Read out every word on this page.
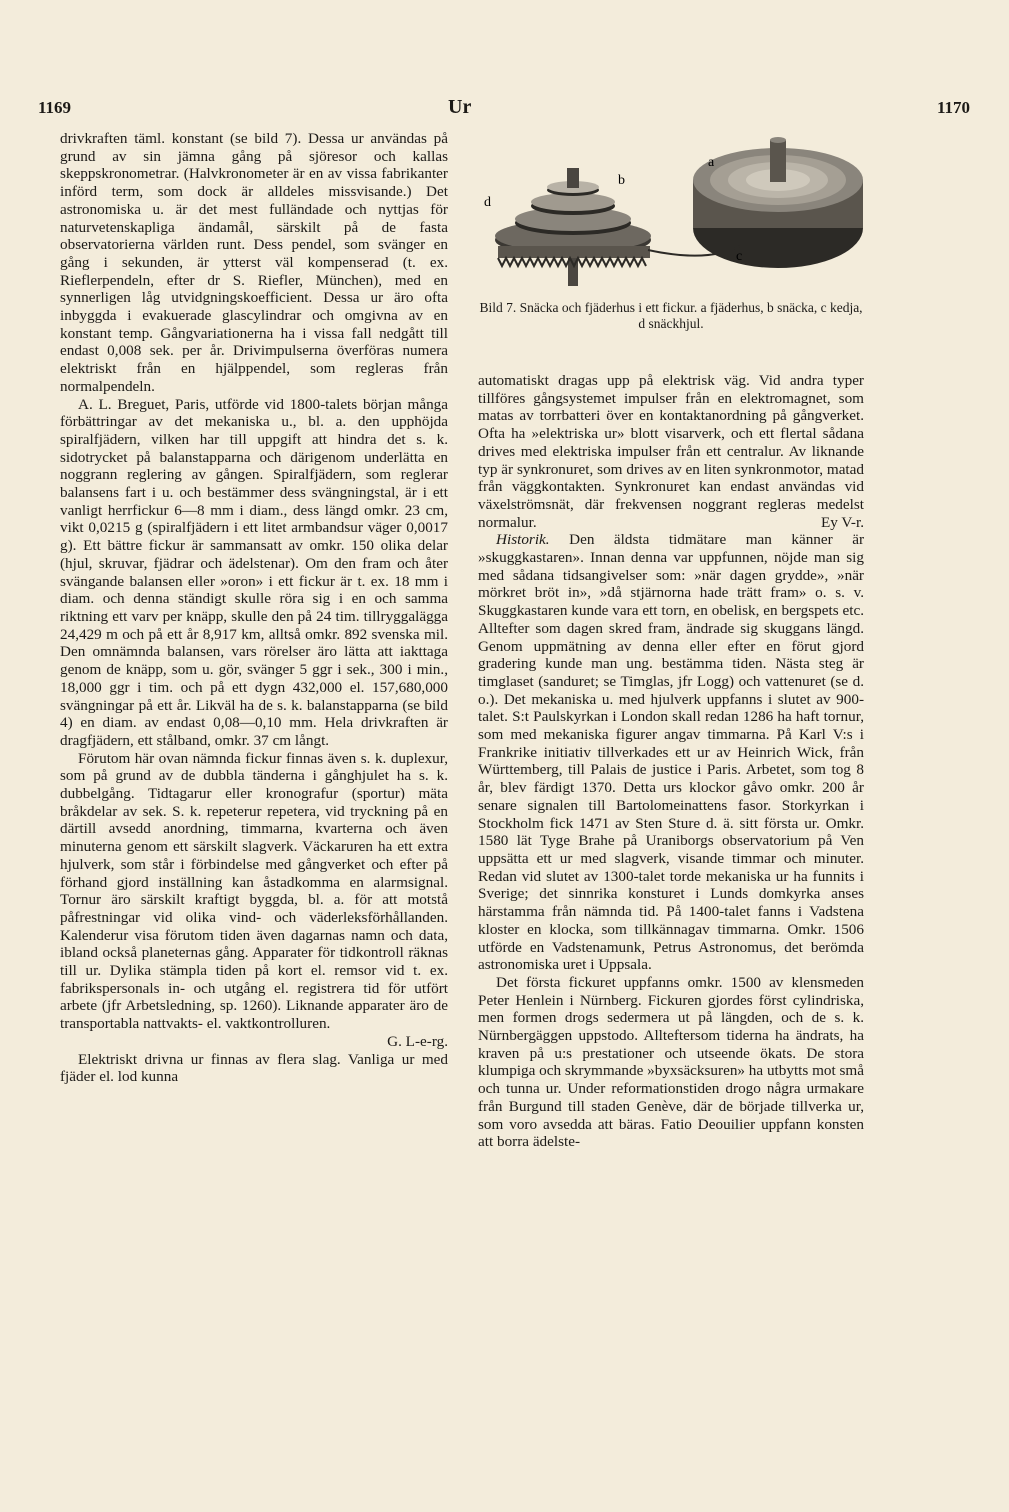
1169	Ur	1170

drivkraften täml. konstant (se bild 7). Dessa ur användas på grund av sin jämna gång på sjöresor och kallas skeppskronometrar. (Halvkronometer är en av vissa fabrikanter införd term, som dock är alldeles missvisande.) Det astronomiska u. är det mest fulländade och nyttjas för naturvetenskapliga ändamål, särskilt på de fasta observatorierna världen runt. Dess pendel, som svänger en gång i sekunden, är ytterst väl kompenserad (t. ex. Rieflerpendeln, efter dr S. Riefler, München), med en synnerligen låg utvidgningskoefficient. Dessa ur äro ofta inbyggda i evakuerade glascylindrar och omgivna av en konstant temp. Gångvariationerna ha i vissa fall nedgått till endast 0,008 sek. per år. Drivimpulserna överföras numera elektriskt från en hjälppendel, som regleras från normalpendeln.

A. L. Breguet, Paris, utförde vid 1800-talets början många förbättringar av det mekaniska u., bl. a. den upphöjda spiralfjädern, vilken har till uppgift att hindra det s. k. sidotrycket på balanstapparna och därigenom underlätta en noggrann reglering av gången. Spiralfjädern, som reglerar balansens fart i u. och bestämmer dess svängningstal, är i ett vanligt herrfickur 6—8 mm i diam., dess längd omkr. 23 cm, vikt 0,0215 g (spiralfjädern i ett litet armbandsur väger 0,0017 g). Ett bättre fickur är sammansatt av omkr. 150 olika delar (hjul, skruvar, fjädrar och ädelstenar). Om den fram och åter svängande balansen eller »oron» i ett fickur är t. ex. 18 mm i diam. och denna ständigt skulle röra sig i en och samma riktning ett varv per knäpp, skulle den på 24 tim. tillryggalägga 24,429 m och på ett år 8,917 km, alltså omkr. 892 svenska mil. Den omnämnda balansen, vars rörelser äro lätta att iakttaga genom de knäpp, som u. gör, svänger 5 ggr i sek., 300 i min., 18,000 ggr i tim. och på ett dygn 432,000 el. 157,680,000 svängningar på ett år. Likväl ha de s. k. balanstapparna (se bild 4) en diam. av endast 0,08—0,10 mm. Hela drivkraften är dragfjädern, ett stålband, omkr. 37 cm långt.

Förutom här ovan nämnda fickur finnas även s. k. duplexur, som på grund av de dubbla tänderna i gånghjulet ha s. k. dubbelgång. Tidtagarur eller kronografur (sportur) mäta bråkdelar av sek. S. k. repeterur repetera, vid tryckning på en därtill avsedd anordning, timmarna, kvarterna och även minuterna genom ett särskilt slagverk. Väckaruren ha ett extra hjulverk, som står i förbindelse med gångverket och efter på förhand gjord inställning kan åstadkomma en alarmsignal. Tornur äro särskilt kraftigt byggda, bl. a. för att motstå påfrestningar vid olika vind- och väderleksförhållanden. Kalenderur visa förutom tiden även dagarnas namn och data, ibland också planeternas gång. Apparater för tidkontroll räknas till ur. Dylika stämpla tiden på kort el. remsor vid t. ex. fabrikspersonals in- och utgång el. registrera tid för utfört arbete (jfr Arbetsledning, sp. 1260). Liknande apparater äro de transportabla nattvakts- el. vaktkontrolluren.

G. L-e-rg.

Elektriskt drivna ur finnas av flera slag. Vanliga ur med fjäder el. lod kunna

d
b
a
c
Bild 7. Snäcka och fjäderhus i ett fickur. a fjäderhus, b snäcka, c kedja, d snäckhjul.

automatiskt dragas upp på elektrisk väg. Vid andra typer tillföres gångsystemet impulser från en elektromagnet, som matas av torrbatteri över en kontaktanordning på gångverket. Ofta ha »elektriska ur» blott visarverk, och ett flertal sådana drives med elektriska impulser från ett centralur. Av liknande typ är synkronuret, som drives av en liten synkronmotor, matad från väggkontakten. Synkronuret kan endast användas vid växelströmsnät, där frekvensen noggrant regleras medelst normalur.	Ey V-r.

Historik. Den äldsta tidmätare man känner är »skuggkastaren». Innan denna var uppfunnen, nöjde man sig med sådana tidsangivelser som: »när dagen grydde», »när mörkret bröt in», »då stjärnorna hade trätt fram» o. s. v. Skuggkastaren kunde vara ett torn, en obelisk, en bergspets etc. Alltefter som dagen skred fram, ändrade sig skuggans längd. Genom uppmätning av denna eller efter en förut gjord gradering kunde man ung. bestämma tiden. Nästa steg är timglaset (sanduret; se Timglas, jfr Logg) och vattenuret (se d. o.). Det mekaniska u. med hjulverk uppfanns i slutet av 900-talet. S:t Paulskyrkan i London skall redan 1286 ha haft tornur, som med mekaniska figurer angav timmarna. På Karl V:s i Frankrike initiativ tillverkades ett ur av Heinrich Wick, från Württemberg, till Palais de justice i Paris. Arbetet, som tog 8 år, blev färdigt 1370. Detta urs klockor gåvo omkr. 200 år senare signalen till Bartolomeinattens fasor. Storkyrkan i Stockholm fick 1471 av Sten Sture d. ä. sitt första ur. Omkr. 1580 lät Tyge Brahe på Uraniborgs observatorium på Ven uppsätta ett ur med slagverk, visande timmar och minuter. Redan vid slutet av 1300-talet torde mekaniska ur ha funnits i Sverige; det sinnrika konsturet i Lunds domkyrka anses härstamma från nämnda tid. På 1400-talet fanns i Vadstena kloster en klocka, som tillkännagav timmarna. Omkr. 1506 utförde en Vadstenamunk, Petrus Astronomus, det berömda astronomiska uret i Uppsala.

Det första fickuret uppfanns omkr. 1500 av klensmeden Peter Henlein i Nürnberg. Fickuren gjordes först cylindriska, men formen drogs sedermera ut på längden, och de s. k. Nürnbergäggen uppstodo. Allteftersom tiderna ha ändrats, ha kraven på u:s prestationer och utseende ökats. De stora klumpiga och skrymmande »byxsäcksuren» ha utbytts mot små och tunna ur. Under reformationstiden drogo några urmakare från Burgund till staden Genève, där de började tillverka ur, som voro avsedda att bäras. Fatio Deouilier uppfann konsten att borra ädelste-
